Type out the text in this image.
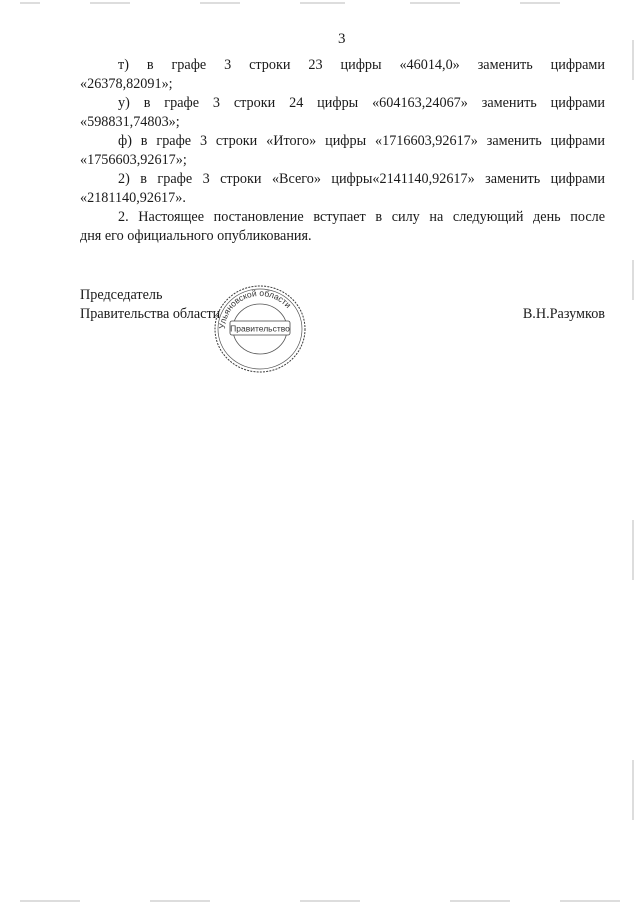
3

т) в графе 3 строки 23 цифры «46014,0» заменить цифрами

«26378,82091»;

у) в графе 3 строки 24 цифры «604163,24067» заменить цифрами

«598831,74803»;

ф) в графе 3 строки «Итого» цифры «1716603,92617» заменить цифрами

«1756603,92617»;

2) в графе 3 строки «Всего» цифры«2141140,92617» заменить цифрами

«2181140,92617».

2. Настоящее постановление вступает в силу на следующий день после

дня его официального опубликования.

Председатель
Правительства области	В.Н.Разумков
Ульяновской области
Правительство
